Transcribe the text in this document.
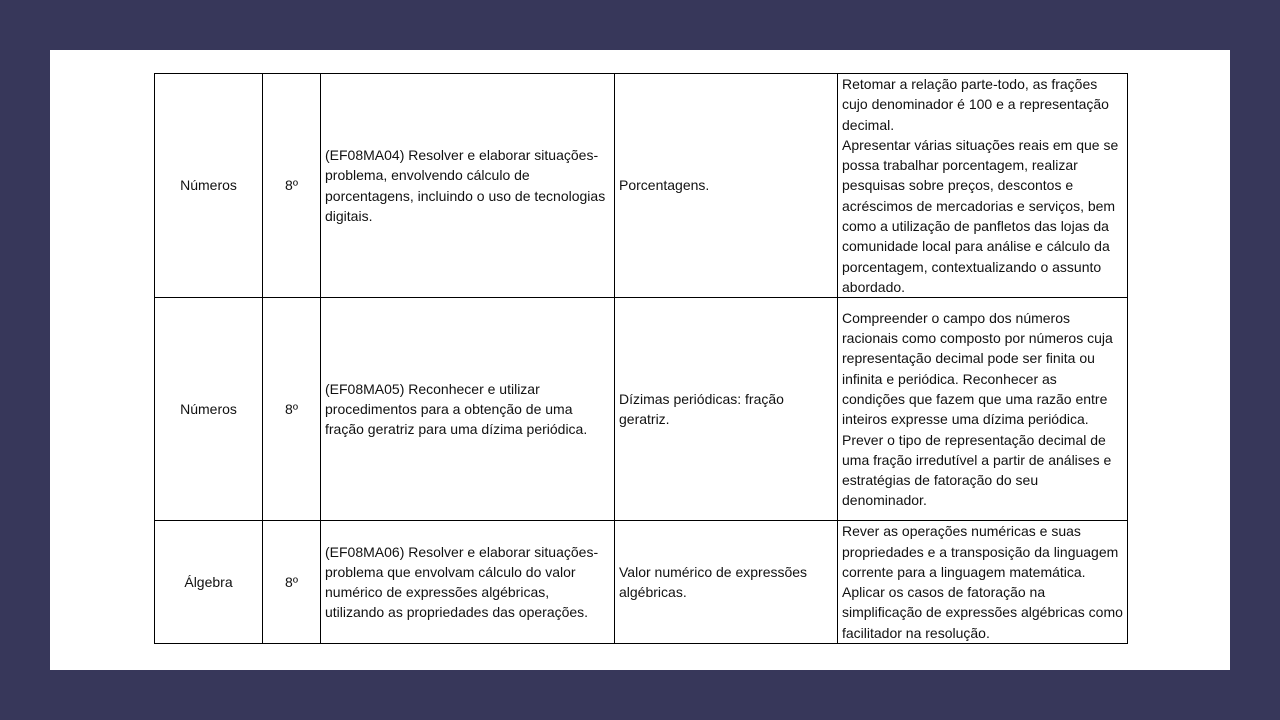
Números	8º	(EF08MA04) Resolver e elaborar situações-problema, envolvendo cálculo de porcentagens, incluindo o uso de tecnologias digitais.	Porcentagens.	Retomar a relação parte-todo, as frações cujo denominador é 100 e a representação decimal.
Apresentar várias situações reais em que se possa trabalhar porcentagem, realizar pesquisas sobre preços, descontos e acréscimos de mercadorias e serviços, bem como a utilização de panfletos das lojas da comunidade local para análise e cálculo da porcentagem, contextualizando o assunto abordado.

Números	8º	(EF08MA05) Reconhecer e utilizar procedimentos para a obtenção de uma fração geratriz para uma dízima periódica.	Dízimas periódicas: fração geratriz.	Compreender o campo dos números racionais como composto por números cuja representação decimal pode ser finita ou infinita e periódica. Reconhecer as condições que fazem que uma razão entre inteiros expresse uma dízima periódica.
Prever o tipo de representação decimal de uma fração irredutível a partir de análises e estratégias de fatoração do seu denominador.

Álgebra	8º	(EF08MA06) Resolver e elaborar situações-problema que envolvam cálculo do valor numérico de expressões algébricas, utilizando as propriedades das operações.	Valor numérico de expressões algébricas.	Rever as operações numéricas e suas propriedades e a transposição da linguagem corrente para a linguagem matemática. Aplicar os casos de fatoração na simplificação de expressões algébricas como facilitador na resolução.
